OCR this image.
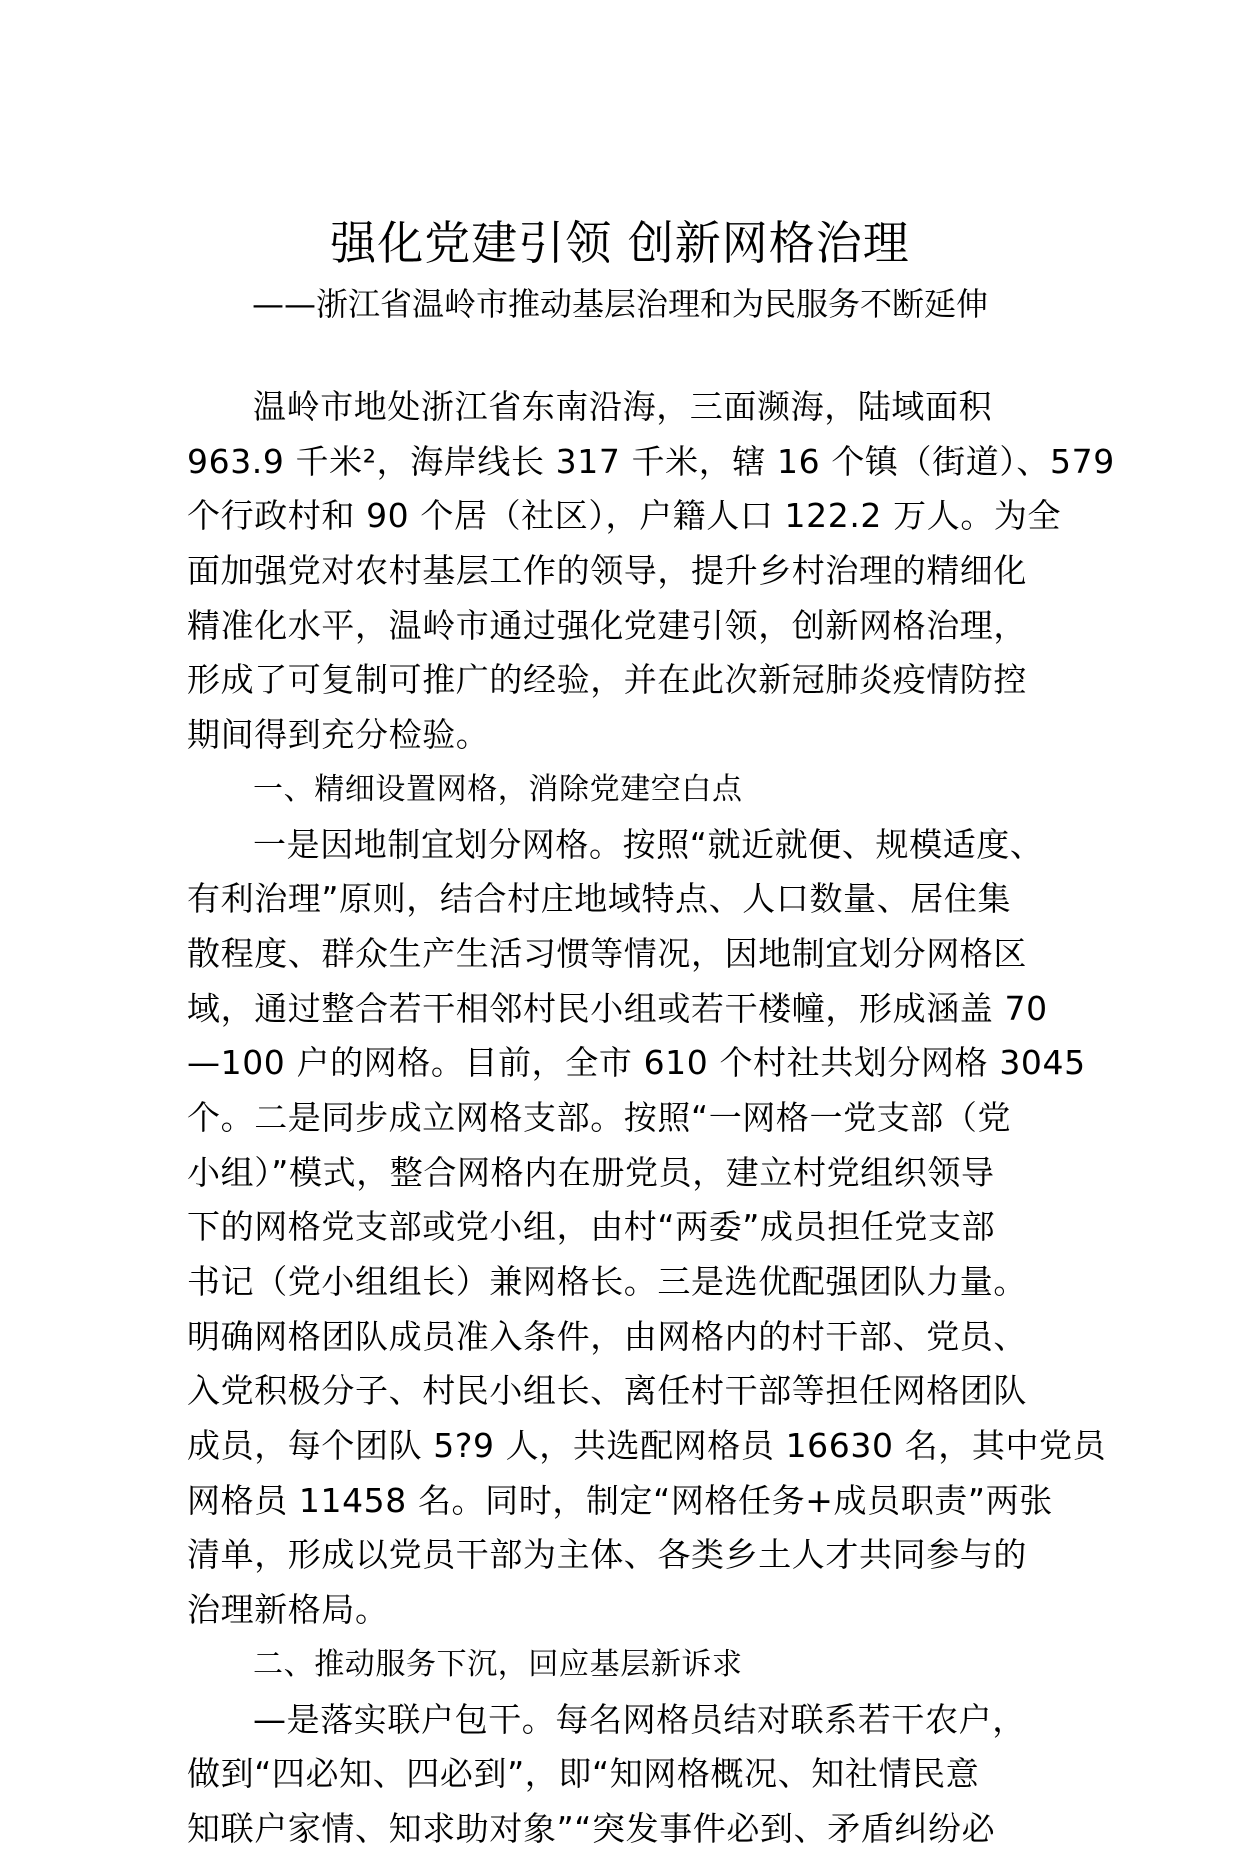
强化党建引领 创新网格治理
——浙江省温岭市推动基层治理和为民服务不断延伸
温岭市地处浙江省东南沿海，三面濒海，陆域面积
963.9 千米²，海岸线长 317 千米，辖 16 个镇（街道）、579
个行政村和 90 个居（社区），户籍人口 122.2 万人。为全
面加强党对农村基层工作的领导，提升乡村治理的精细化
精准化水平，温岭市通过强化党建引领，创新网格治理，
形成了可复制可推广的经验，并在此次新冠肺炎疫情防控
期间得到充分检验。
一、精细设置网格，消除党建空白点
一是因地制宜划分网格。按照“就近就便、规模适度、
有利治理”原则，结合村庄地域特点、人口数量、居住集
散程度、群众生产生活习惯等情况，因地制宜划分网格区
域，通过整合若干相邻村民小组或若干楼幢，形成涵盖 70
—100 户的网格。目前，全市 610 个村社共划分网格 3045
个。二是同步成立网格支部。按照“一网格一党支部（党
小组）”模式，整合网格内在册党员，建立村党组织领导
下的网格党支部或党小组，由村“两委”成员担任党支部
书记（党小组组长）兼网格长。三是选优配强团队力量。
明确网格团队成员准入条件，由网格内的村干部、党员、
入党积极分子、村民小组长、离任村干部等担任网格团队
成员，每个团队 5?9 人，共选配网格员 16630 名，其中党员
网格员 11458 名。同时，制定“网格任务+成员职责”两张
清单，形成以党员干部为主体、各类乡土人才共同参与的
治理新格局。
二、推动服务下沉，回应基层新诉求
—是落实联户包干。每名网格员结对联系若干农户，
做到“四必知、四必到”，即“知网格概况、知社情民意
知联户家情、知求助对象”“突发事件必到、矛盾纠纷必
